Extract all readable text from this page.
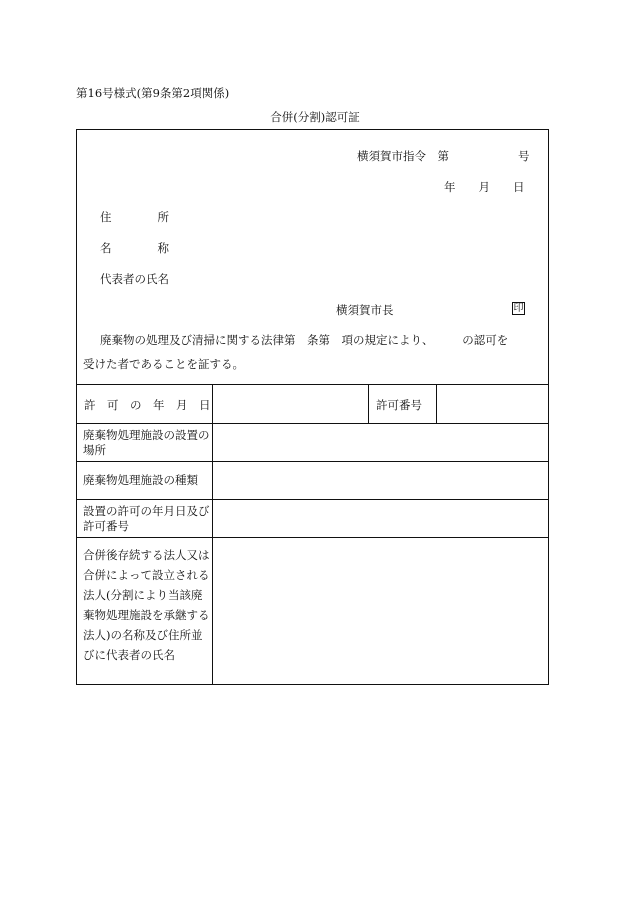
第16号様式(第9条第2項関係)
合併(分割)認可証
横須賀市指令　第　　　　　　号
年　　月　　日
住　　　　所
名　　　　称
代表者の氏名
横須賀市長	印
廃棄物の処理及び清掃に関する法律第　条第　項の規定により、　　　の認可を
受けた者であることを証する。
許　可　の　年　月　日	許可番号
廃棄物処理施設の設置の場所
廃棄物処理施設の種類
設置の許可の年月日及び許可番号
合併後存続する法人又は合併によって設立される法人(分割により当該廃棄物処理施設を承継する法人)の名称及び住所並びに代表者の氏名
